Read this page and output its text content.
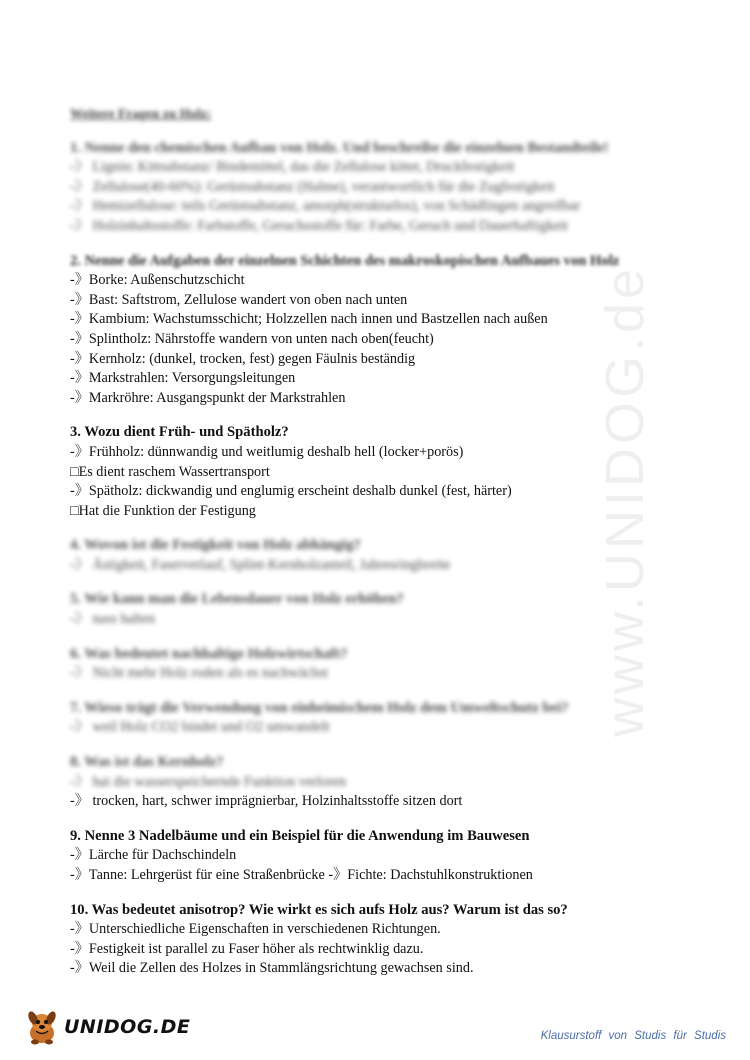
www.UNIDOG.de
Weitere Fragen zu Holz:
1. Nenne den chemischen Aufbau von Holz. Und beschreibe die einzelnen Bestandteile!
-》 Lignin: Kittsubstanz/ Bindemittel, das die Zellulose kittet, Druckfestigkeit
-》 Zellulose(40-60%): Gerüstsubstanz (Halme), verantwortlich für die Zugfestigkeit
-》 Hemizellulose: teils Gerüstsubstanz, amorph(strukturlos), von Schädlingen angreifbar
-》 Holzinhaltsstoffe: Farbstoffe, Geruchsstoffe für: Farbe, Geruch und Dauerhaftigkeit
2. Nenne die Aufgaben der einzelnen Schichten des makroskopischen Aufbaues von Holz
-》Borke: Außenschutzschicht
-》Bast: Saftstrom, Zellulose wandert von oben nach unten
-》Kambium: Wachstumsschicht; Holzzellen nach innen und Bastzellen nach außen
-》Splintholz: Nährstoffe wandern von unten nach oben(feucht)
-》Kernholz: (dunkel, trocken, fest) gegen Fäulnis beständig
-》Markstrahlen: Versorgungsleitungen
-》Markröhre: Ausgangspunkt der Markstrahlen
3. Wozu dient Früh- und Spätholz?
-》Frühholz: dünnwandig und weitlumig deshalb hell (locker+porös)
□Es dient raschem Wassertransport
-》Spätholz: dickwandig und englumig erscheint deshalb dunkel (fest, härter)
□Hat die Funktion der Festigung
4. Wovon ist die Festigkeit von Holz abhängig?
-》 Ästigkeit, Faserverlauf, Splint-Kernholzanteil, Jahresringbreite
5. Wie kann man die Lebensdauer von Holz erhöhen?
-》 nass halten
6. Was bedeutet nachhaltige Holzwirtschaft?
-》 Nicht mehr Holz roden als es nachwächst
7. Wieso trägt die Verwendung von einheimischem Holz dem Umweltschutz bei?
-》 weil Holz CO2 bindet und O2 umwandelt
8. Was ist das Kernholz?
-》 hat die wasserspeichernde Funktion verloren
-》 trocken, hart, schwer imprägnierbar, Holzinhaltsstoffe sitzen dort
9. Nenne 3 Nadelbäume und ein Beispiel für die Anwendung im Bauwesen
-》Lärche für Dachschindeln
-》Tanne: Lehrgerüst für eine Straßenbrücke -》Fichte: Dachstuhlkonstruktionen
10. Was bedeutet anisotrop? Wie wirkt es sich aufs Holz aus? Warum ist das so?
-》Unterschiedliche Eigenschaften in verschiedenen Richtungen.
-》Festigkeit ist parallel zu Faser höher als rechtwinklig dazu.
-》Weil die Zellen des Holzes in Stammlängsrichtung gewachsen sind.
UNIDOG.DE	Klausurstoff von Studis für Studis
